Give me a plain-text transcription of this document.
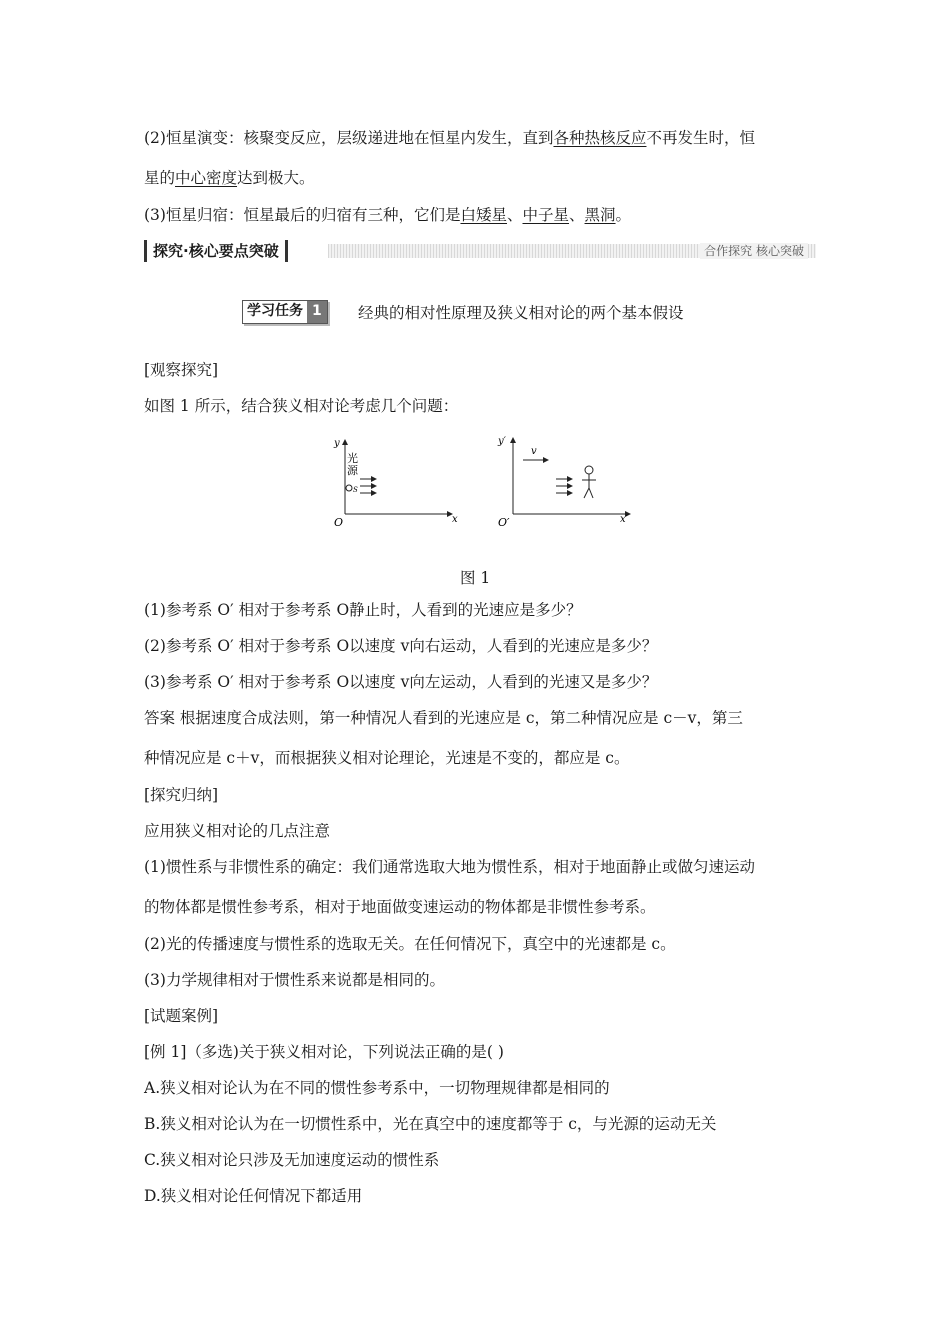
(2)恒星演变：核聚变反应，层级递进地在恒星内发生，直到各种热核反应不再发生时，恒
星的中心密度达到极大。
(3)恒星归宿：恒星最后的归宿有三种，它们是白矮星、中子星、黑洞。
探究·核心要点突破	合作探究 核心突破
学习任务 1	经典的相对性原理及狭义相对论的两个基本假设
[观察探究]
如图 1 所示，结合狭义相对论考虑几个问题：
y
O	x
光 源
S
y′
O′	x′
v
图 1
(1)参考系 O′ 相对于参考系 O静止时，人看到的光速应是多少？
(2)参考系 O′ 相对于参考系 O以速度 v向右运动，人看到的光速应是多少？
(3)参考系 O′ 相对于参考系 O以速度 v向左运动，人看到的光速又是多少？
答案 根据速度合成法则，第一种情况人看到的光速应是 c，第二种情况应是 c－v，第三
种情况应是 c＋v，而根据狭义相对论理论，光速是不变的，都应是 c。
[探究归纳]
应用狭义相对论的几点注意
(1)惯性系与非惯性系的确定：我们通常选取大地为惯性系，相对于地面静止或做匀速运动
的物体都是惯性参考系，相对于地面做变速运动的物体都是非惯性参考系。
(2)光的传播速度与惯性系的选取无关。在任何情况下，真空中的光速都是 c。
(3)力学规律相对于惯性系来说都是相同的。
[试题案例]
[例 1]（多选)关于狭义相对论，下列说法正确的是( )
A.狭义相对论认为在不同的惯性参考系中，一切物理规律都是相同的
B.狭义相对论认为在一切惯性系中，光在真空中的速度都等于 c，与光源的运动无关
C.狭义相对论只涉及无加速度运动的惯性系
D.狭义相对论任何情况下都适用
